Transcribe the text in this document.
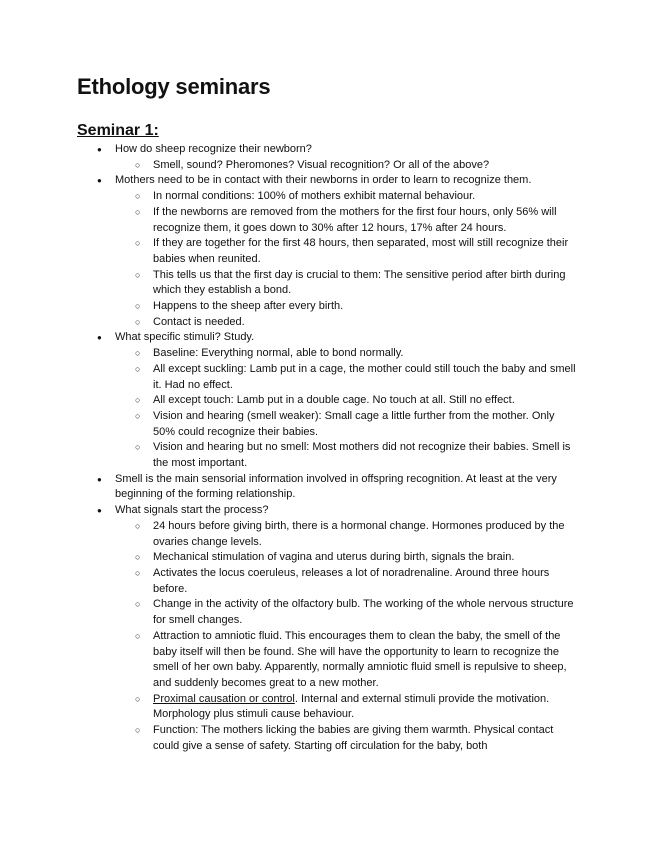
Ethology seminars
Seminar 1:
● How do sheep recognize their newborn?
○ Smell, sound? Pheromones? Visual recognition? Or all of the above?
● Mothers need to be in contact with their newborns in order to learn to recognize them.
○ In normal conditions: 100% of mothers exhibit maternal behaviour.
○ If the newborns are removed from the mothers for the first four hours, only 56% will recognize them, it goes down to 30% after 12 hours, 17% after 24 hours.
○ If they are together for the first 48 hours, then separated, most will still recognize their babies when reunited.
○ This tells us that the first day is crucial to them: The sensitive period after birth during which they establish a bond.
○ Happens to the sheep after every birth.
○ Contact is needed.
● What specific stimuli? Study.
○ Baseline: Everything normal, able to bond normally.
○ All except suckling: Lamb put in a cage, the mother could still touch the baby and smell it. Had no effect.
○ All except touch: Lamb put in a double cage. No touch at all. Still no effect.
○ Vision and hearing (smell weaker): Small cage a little further from the mother. Only 50% could recognize their babies.
○ Vision and hearing but no smell: Most mothers did not recognize their babies. Smell is the most important.
● Smell is the main sensorial information involved in offspring recognition. At least at the very beginning of the forming relationship.
● What signals start the process?
○ 24 hours before giving birth, there is a hormonal change. Hormones produced by the ovaries change levels.
○ Mechanical stimulation of vagina and uterus during birth, signals the brain.
○ Activates the locus coeruleus, releases a lot of noradrenaline. Around three hours before.
○ Change in the activity of the olfactory bulb. The working of the whole nervous structure for smell changes.
○ Attraction to amniotic fluid. This encourages them to clean the baby, the smell of the baby itself will then be found. She will have the opportunity to learn to recognize the smell of her own baby. Apparently, normally amniotic fluid smell is repulsive to sheep, and suddenly becomes great to a new mother.
○ Proximal causation or control. Internal and external stimuli provide the motivation. Morphology plus stimuli cause behaviour.
○ Function: The mothers licking the babies are giving them warmth. Physical contact could give a sense of safety. Starting off circulation for the baby, both
